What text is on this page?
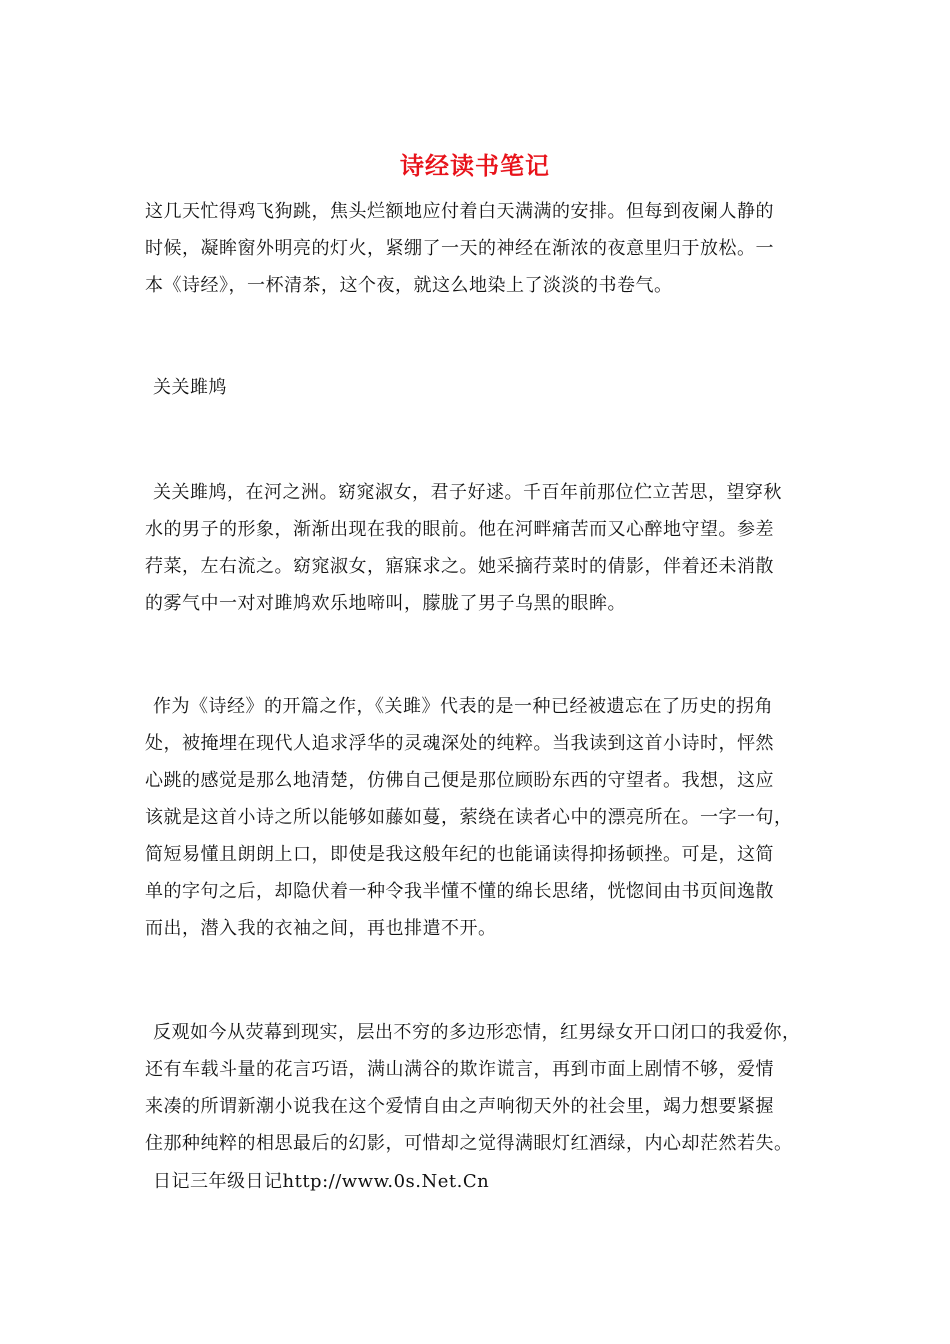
诗经读书笔记
这几天忙得鸡飞狗跳，焦头烂额地应付着白天满满的安排。但每到夜阑人静的
时候，凝眸窗外明亮的灯火，紧绷了一天的神经在渐浓的夜意里归于放松。一
本《诗经》，一杯清茶，这个夜，就这么地染上了淡淡的书卷气。
关关雎鸠
关关雎鸠，在河之洲。窈窕淑女，君子好逑。千百年前那位伫立苦思，望穿秋
水的男子的形象，渐渐出现在我的眼前。他在河畔痛苦而又心醉地守望。参差
荇菜，左右流之。窈窕淑女，寤寐求之。她采摘荇菜时的倩影，伴着还未消散
的雾气中一对对雎鸠欢乐地啼叫，朦胧了男子乌黑的眼眸。
作为《诗经》的开篇之作，《关雎》代表的是一种已经被遗忘在了历史的拐角
处，被掩埋在现代人追求浮华的灵魂深处的纯粹。当我读到这首小诗时，怦然
心跳的感觉是那么地清楚，仿佛自己便是那位顾盼东西的守望者。我想，这应
该就是这首小诗之所以能够如藤如蔓，萦绕在读者心中的漂亮所在。一字一句，
简短易懂且朗朗上口，即使是我这般年纪的也能诵读得抑扬顿挫。可是，这简
单的字句之后，却隐伏着一种令我半懂不懂的绵长思绪，恍惚间由书页间逸散
而出，潜入我的衣袖之间，再也排遣不开。
反观如今从荧幕到现实，层出不穷的多边形恋情，红男绿女开口闭口的我爱你，
还有车载斗量的花言巧语，满山满谷的欺诈谎言，再到市面上剧情不够，爱情
来凑的所谓新潮小说我在这个爱情自由之声响彻天外的社会里，竭力想要紧握
住那种纯粹的相思最后的幻影，可惜却之觉得满眼灯红酒绿，内心却茫然若失。
日记三年级日记http://www.0s.Net.Cn
